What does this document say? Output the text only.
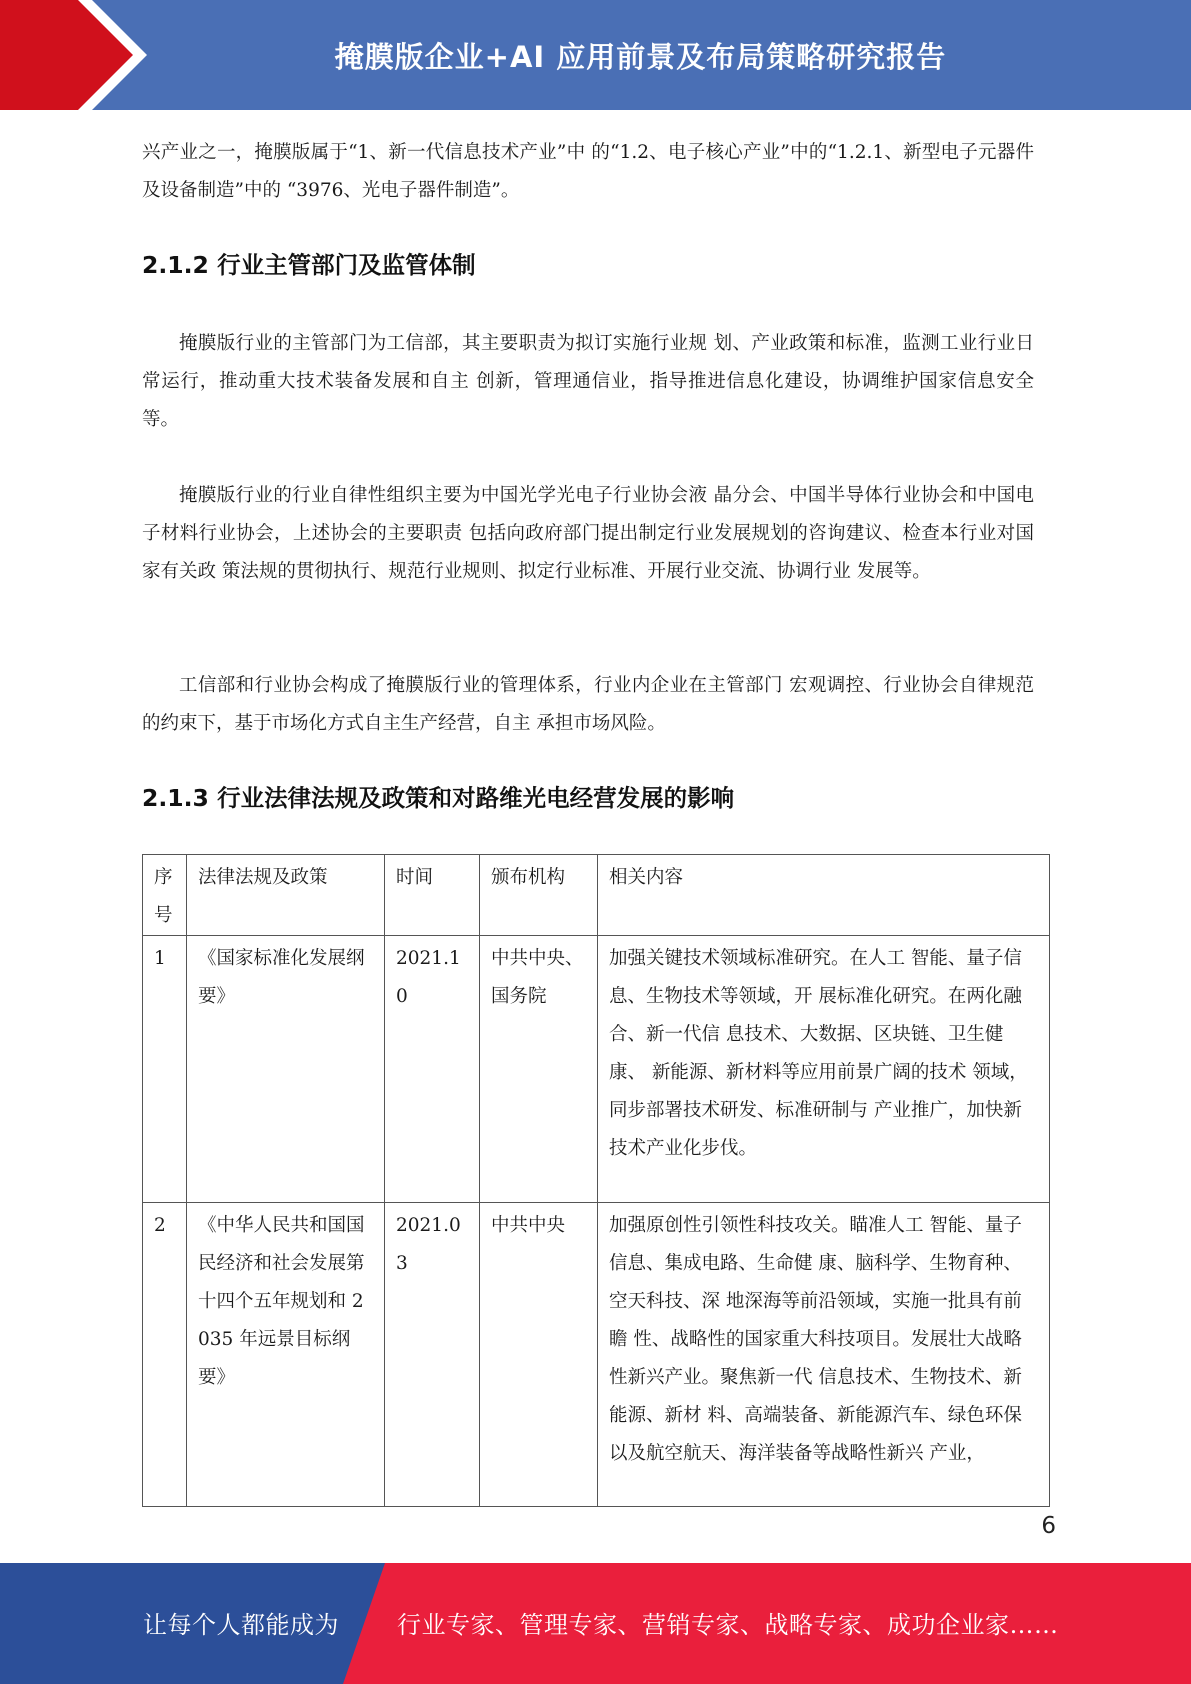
掩膜版企业+AI 应用前景及布局策略研究报告

兴产业之一，掩膜版属于“1、新一代信息技术产业”中 的“1.2、电子核心产业”中的“1.2.1、新型电子元器件及设备制造”中的 “3976、光电子器件制造”。

2.1.2 行业主管部门及监管体制

掩膜版行业的主管部门为工信部，其主要职责为拟订实施行业规 划、产业政策和标准，监测工业行业日常运行，推动重大技术装备发展和自主 创新，管理通信业，指导推进信息化建设，协调维护国家信息安全等。

掩膜版行业的行业自律性组织主要为中国光学光电子行业协会液 晶分会、中国半导体行业协会和中国电子材料行业协会，上述协会的主要职责 包括向政府部门提出制定行业发展规划的咨询建议、检查本行业对国家有关政 策法规的贯彻执行、规范行业规则、拟定行业标准、开展行业交流、协调行业 发展等。

工信部和行业协会构成了掩膜版行业的管理体系，行业内企业在主管部门 宏观调控、行业协会自律规范的约束下，基于市场化方式自主生产经营，自主 承担市场风险。

2.1.3 行业法律法规及政策和对路维光电经营发展的影响
序号	法律法规及政策	时间	颁布机构	相关内容
1	《国家标准化发展纲要》	2021.10	中共中央、国务院	加强关键技术领域标准研究。在人工 智能、量子信息、生物技术等领域，开 展标准化研究。在两化融合、新一代信 息技术、大数据、区块链、卫生健康、 新能源、新材料等应用前景广阔的技术 领域，同步部署技术研发、标准研制与 产业推广，加快新技术产业化步伐。
2	《中华人民共和国国民经济和社会发展第十四个五年规划和 2035 年远景目标纲要》	2021.03	中共中央	加强原创性引领性科技攻关。瞄准人工 智能、量子信息、集成电路、生命健 康、脑科学、生物育种、空天科技、深 地深海等前沿领域，实施一批具有前瞻 性、战略性的国家重大科技项目。发展壮大战略性新兴产业。聚焦新一代 信息技术、生物技术、新能源、新材 料、高端装备、新能源汽车、绿色环保 以及航空航天、海洋装备等战略性新兴 产业，
6
让每个人都能成为 行业专家、管理专家、营销专家、战略专家、成功企业家……
